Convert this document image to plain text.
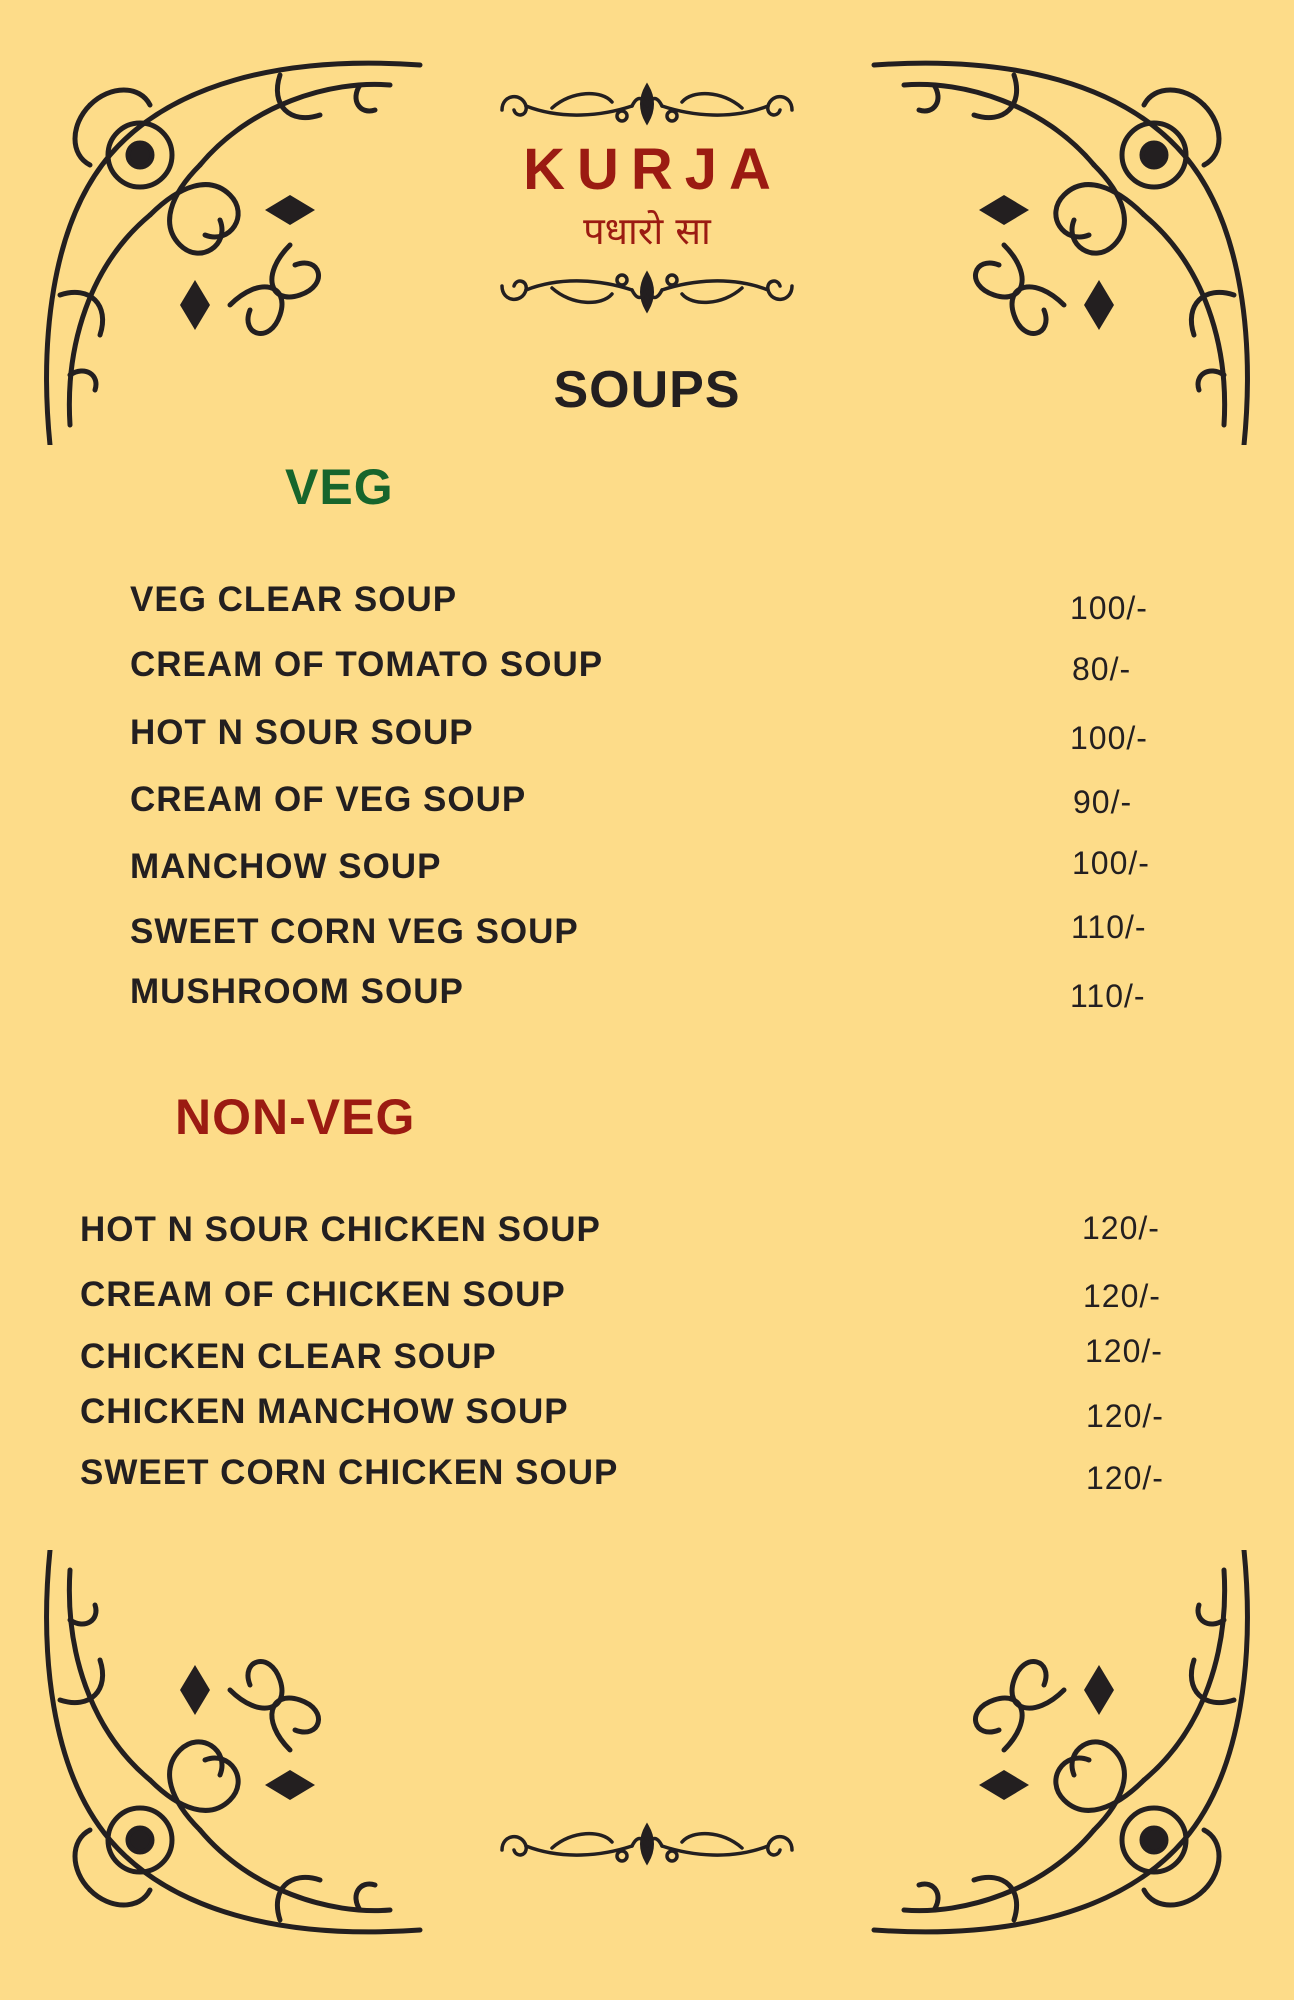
KURJA
पधारो सा
SOUPS
VEG
VEG CLEAR SOUP	100/-
CREAM OF TOMATO SOUP	80/-
HOT N SOUR SOUP	100/-
CREAM OF VEG SOUP	90/-
MANCHOW SOUP	100/-
SWEET CORN VEG SOUP	110/-
MUSHROOM SOUP	110/-
NON-VEG
HOT N SOUR CHICKEN SOUP	120/-
CREAM OF CHICKEN SOUP	120/-
CHICKEN CLEAR SOUP	120/-
CHICKEN MANCHOW SOUP	120/-
SWEET CORN CHICKEN SOUP	120/-
